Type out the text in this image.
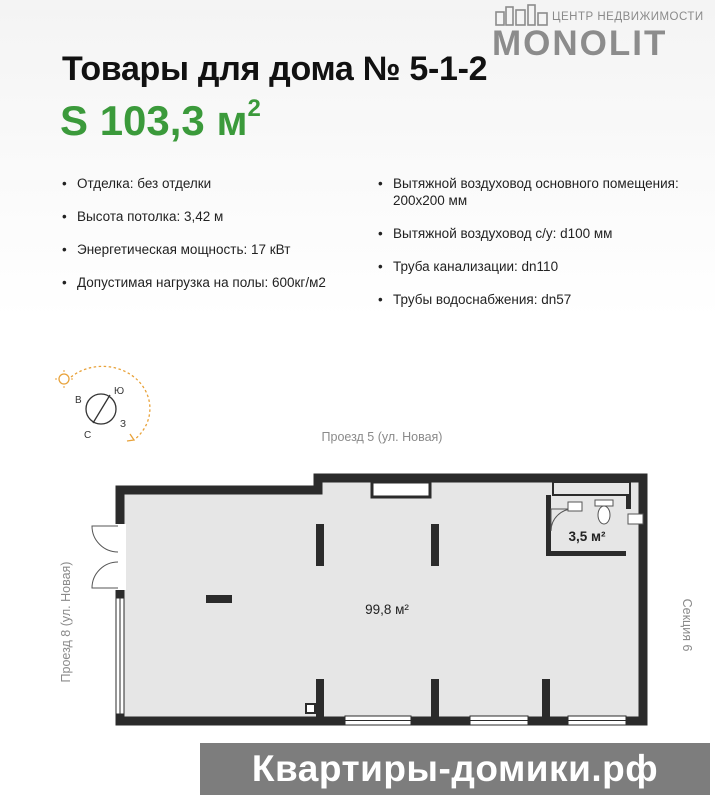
ЦЕНТР НЕДВИЖИМОСТИ
MONOLIT
Товары для дома № 5-1-2
S 103,3 $м^2$
• Отделка: без отделки
• Высота потолка: 3,42 м
• Энергетическая мощность: 17 кВт
• Допустимая нагрузка на полы: 600кг/м2
• Вытяжной воздуховод основного помещения: 200х200 мм
• Вытяжной воздуховод с/у: d100 мм
• Труба канализации: dn110
• Трубы водоснабжения: dn57
Ю
В
С
З
Проезд 5 (ул. Новая)
Проезд 8 (ул. Новая)	Секция 6
99,8 м²
3,5 м²
Квартиры-домики.рф
